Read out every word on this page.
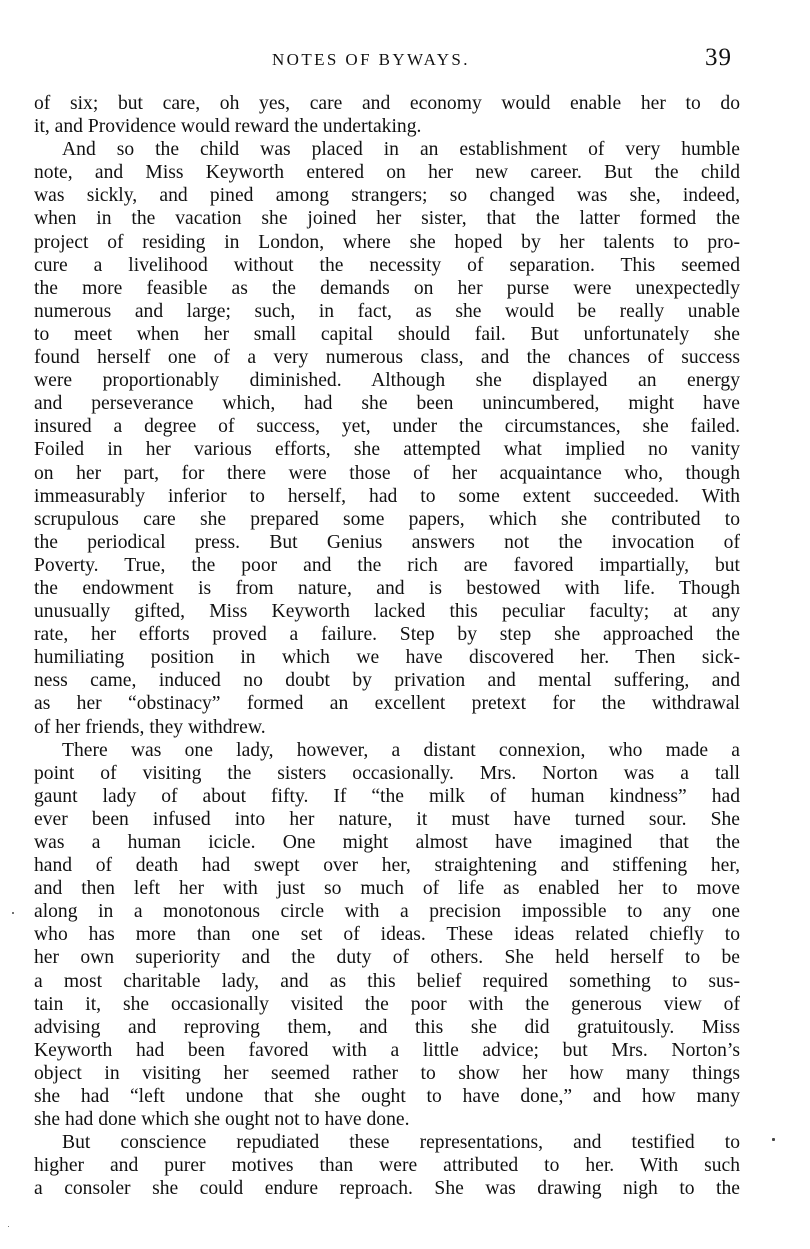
NOTES OF BYWAYS.	39
of six; but care, oh yes, care and economy would enable her to do
it, and Providence would reward the undertaking.
And so the child was placed in an establishment of very humble
note, and Miss Keyworth entered on her new career. But the child
was sickly, and pined among strangers; so changed was she, indeed,
when in the vacation she joined her sister, that the latter formed the
project of residing in London, where she hoped by her talents to pro-
cure a livelihood without the necessity of separation. This seemed
the more feasible as the demands on her purse were unexpectedly
numerous and large; such, in fact, as she would be really unable
to meet when her small capital should fail. But unfortunately she
found herself one of a very numerous class, and the chances of success
were proportionably diminished. Although she displayed an energy
and perseverance which, had she been unincumbered, might have
insured a degree of success, yet, under the circumstances, she failed.
Foiled in her various efforts, she attempted what implied no vanity
on her part, for there were those of her acquaintance who, though
immeasurably inferior to herself, had to some extent succeeded. With
scrupulous care she prepared some papers, which she contributed to
the periodical press. But Genius answers not the invocation of
Poverty. True, the poor and the rich are favored impartially, but
the endowment is from nature, and is bestowed with life. Though
unusually gifted, Miss Keyworth lacked this peculiar faculty; at any
rate, her efforts proved a failure. Step by step she approached the
humiliating position in which we have discovered her. Then sick-
ness came, induced no doubt by privation and mental suffering, and
as her “obstinacy” formed an excellent pretext for the withdrawal
of her friends, they withdrew.
There was one lady, however, a distant connexion, who made a
point of visiting the sisters occasionally. Mrs. Norton was a tall
gaunt lady of about fifty. If “the milk of human kindness” had
ever been infused into her nature, it must have turned sour. She
was a human icicle. One might almost have imagined that the
hand of death had swept over her, straightening and stiffening her,
and then left her with just so much of life as enabled her to move
along in a monotonous circle with a precision impossible to any one
who has more than one set of ideas. These ideas related chiefly to
her own superiority and the duty of others. She held herself to be
a most charitable lady, and as this belief required something to sus-
tain it, she occasionally visited the poor with the generous view of
advising and reproving them, and this she did gratuitously. Miss
Keyworth had been favored with a little advice; but Mrs. Norton’s
object in visiting her seemed rather to show her how many things
she had “left undone that she ought to have done,” and how many
she had done which she ought not to have done.
But conscience repudiated these representations, and testified to
higher and purer motives than were attributed to her. With such
a consoler she could endure reproach. She was drawing nigh to the
